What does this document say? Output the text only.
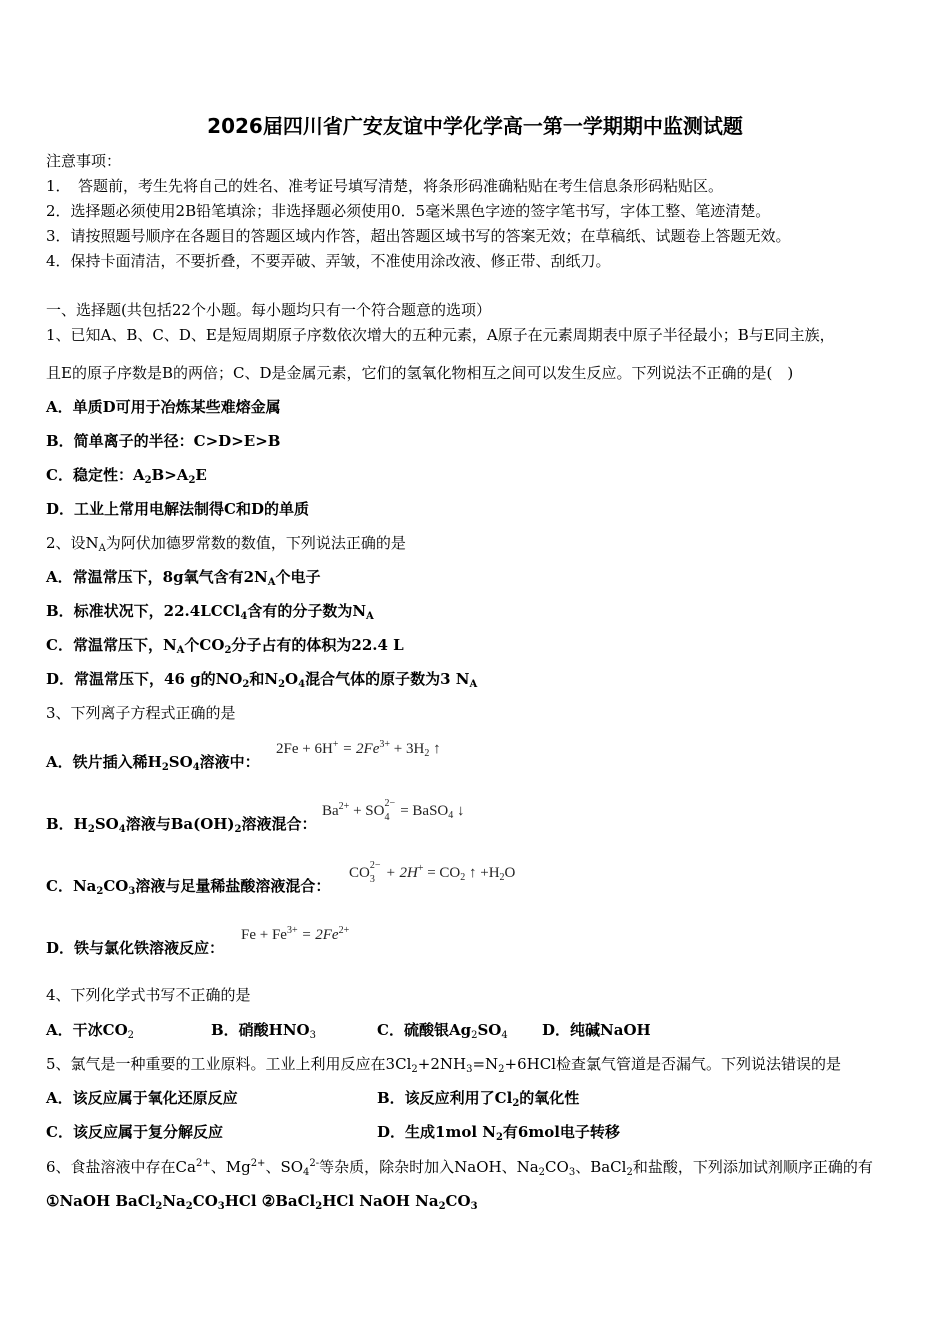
2026届四川省广安友谊中学化学高一第一学期期中监测试题
注意事项：
1．　答题前，考生先将自己的姓名、准考证号填写清楚，将条形码准确粘贴在考生信息条形码粘贴区。
2．选择题必须使用2B铅笔填涂；非选择题必须使用0．5毫米黑色字迹的签字笔书写，字体工整、笔迹清楚。
3．请按照题号顺序在各题目的答题区域内作答，超出答题区域书写的答案无效；在草稿纸、试题卷上答题无效。
4．保持卡面清洁，不要折叠，不要弄破、弄皱，不准使用涂改液、修正带、刮纸刀。
一、选择题(共包括22个小题。每小题均只有一个符合题意的选项）
1、已知A、B、C、D、E是短周期原子序数依次增大的五种元素，A原子在元素周期表中原子半径最小；B与E同主族，
且E的原子序数是B的两倍；C、D是金属元素，它们的氢氧化物相互之间可以发生反应。下列说法不正确的是(　)
A．单质D可用于冶炼某些难熔金属
B．简单离子的半径：C>D>E>B
C．稳定性：$A_2B>A_2E$
D．工业上常用电解法制得C和D的单质
2、设$N_A$为阿伏加德罗常数的数值，下列说法正确的是
A．常温常压下，8g氧气含有$2N_A$个电子
B．标准状况下，22.4LCCl$_4$含有的分子数为$N_A$
C．常温常压下，$N_A$个$CO_2$分子占有的体积为22.4 L
D．常温常压下，46 g的$NO_2$和$N_2O_4$混合气体的原子数为3 $N_A$
3、下列离子方程式正确的是
A．铁片插入稀$H_2SO_4$溶液中：
$2Fe + 6H^+ = 2Fe^{3+} + 3H_2$ ↑
B．$H_2SO_4$溶液与$Ba(OH)_2$溶液混合：
$Ba^{2+}$ + SO 2−
4 = BaSO$_4$ ↓
C．$Na_2CO_3$溶液与足量稀盐酸溶液混合：
CO 2−
$3 + 2H^+ = CO_2$ ↑ $+H_2O$
D．铁与氯化铁溶液反应：
$Fe + Fe^{3+} = 2Fe^{2+}$
4、下列化学式书写不正确的是
A．干冰$CO_2$	B．硝酸$HNO_3$	C．硫酸银$Ag_2SO_4$ D．纯碱NaOH
5、氯气是一种重要的工业原料。工业上利用反应在$3Cl_2+2NH_3=N_2+6HCl$检查氯气管道是否漏气。下列说法错误的是
A．该反应属于氧化还原反应	B．该反应利用了$Cl_2$的氧化性
C．该反应属于复分解反应	D．生成1mol $N_2$有6mol电子转移
6、食盐溶液中存在$Ca^{2+}$、$Mg^{2+}$、$SO_4^{2-}$等杂质，除杂时加入NaOH、$Na_2CO_3$、BaCl$_2$和盐酸，下列添加试剂顺序正确的有
①NaOH $BaCl_2Na_2CO_3HCl$ ②BaCl$_2$HCl NaOH $Na_2CO_3$
